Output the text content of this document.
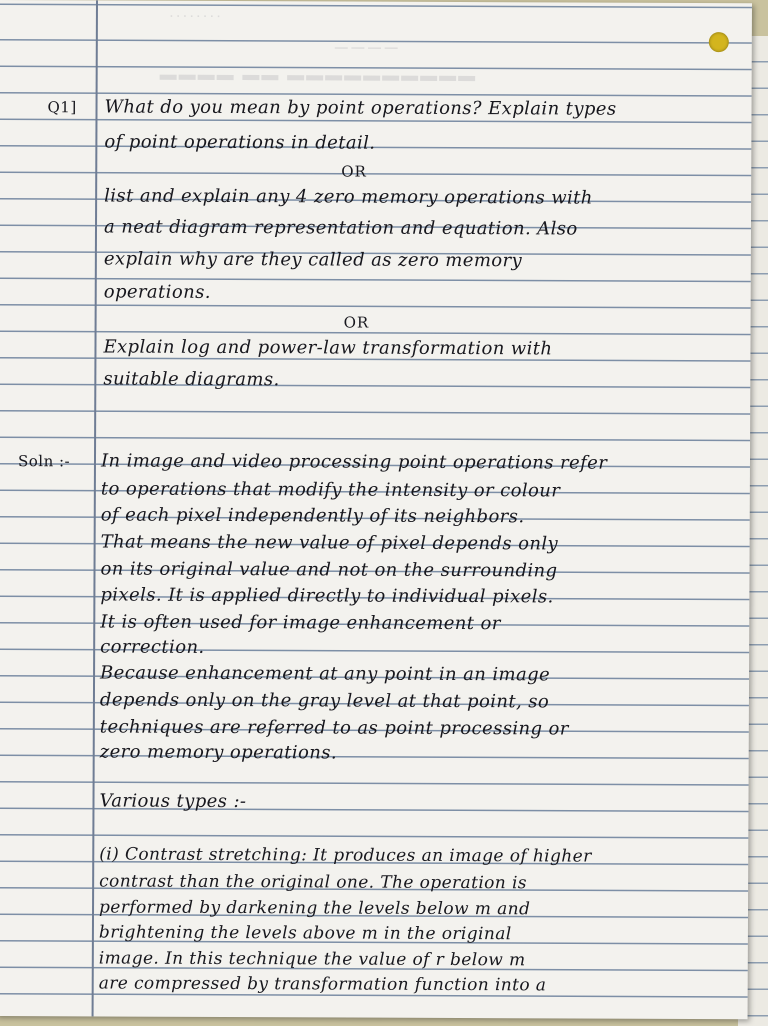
· · · · · · · ·
— — — —
▬▬▬▬ ▬▬ ▬▬▬▬▬▬▬▬▬▬
Q1] What do you mean by point operations? Explain types
of point operations in detail.
OR
list and explain any 4 zero memory operations with
a neat diagram representation and equation. Also
explain why are they called as zero memory
operations.
OR
Explain log and power-law transformation with
suitable diagrams.
Soln :- In image and video processing point operations refer
to operations that modify the intensity or colour
of each pixel independently of its neighbors.
That means the new value of pixel depends only
on its original value and not on the surrounding
pixels. It is applied directly to individual pixels.
It is often used for image enhancement or
correction.
Because enhancement at any point in an image
depends only on the gray level at that point, so
techniques are referred to as point processing or
zero memory operations.
Various types :-
(i) Contrast stretching: It produces an image of higher
contrast than the original one. The operation is
performed by darkening the levels below m and
brightening the levels above m in the original
image. In this technique the value of r below m
are compressed by transformation function into a
